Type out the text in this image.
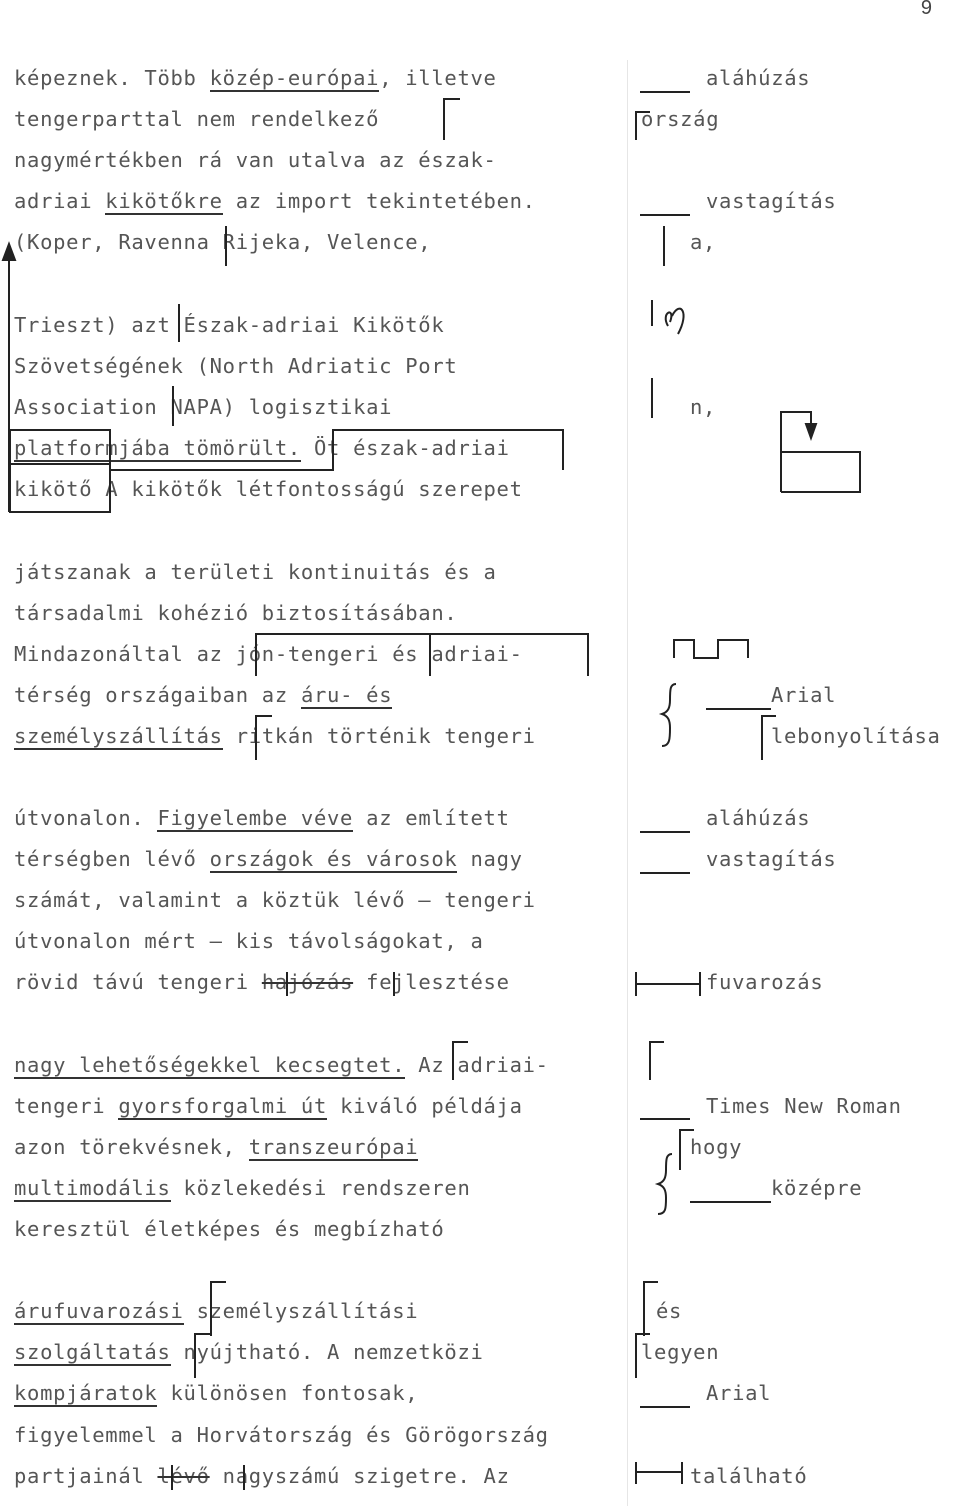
9
képeznek. Több közép-európai, illetve
tengerparttal nem rendelkező
nagymértékben rá van utalva az észak-
adriai kikötőkre az import tekintetében.
(Koper, Ravenna Rijeka, Velence,
Trieszt) azt Észak-adriai Kikötők
Szövetségének (North Adriatic Port
Association NAPA) logisztikai
platformjába tömörült. Öt észak-adriai
kikötő A kikötők létfontosságú szerepet
játszanak a területi kontinuitás és a
társadalmi kohézió biztosításában.
Mindazonáltal az jón-tengeri és adriai-
térség országaiban az áru- és
személyszállítás ritkán történik tengeri
útvonalon. Figyelembe véve az említett
térségben lévő országok és városok nagy
számát, valamint a köztük lévő – tengeri
útvonalon mért – kis távolságokat, a
rövid távú tengeri hajózás fejlesztése
nagy lehetőségekkel kecsegtet. Az adriai-
tengeri gyorsforgalmi út kiváló példája
azon törekvésnek, transzeurópai
multimodális közlekedési rendszeren
keresztül életképes és megbízható
árufuvarozási személyszállítási
szolgáltatás nyújtható. A nemzetközi
kompjáratok különösen fontosak,
figyelemmel a Horvátország és Görögország
partjainál lévő nagyszámú szigetre. Az
aláhúzás
ország
vastagítás
a,
n,
Arial
lebonyolítása
aláhúzás
vastagítás
fuvarozás
Times New Roman
hogy
középre
és
legyen
Arial
található
